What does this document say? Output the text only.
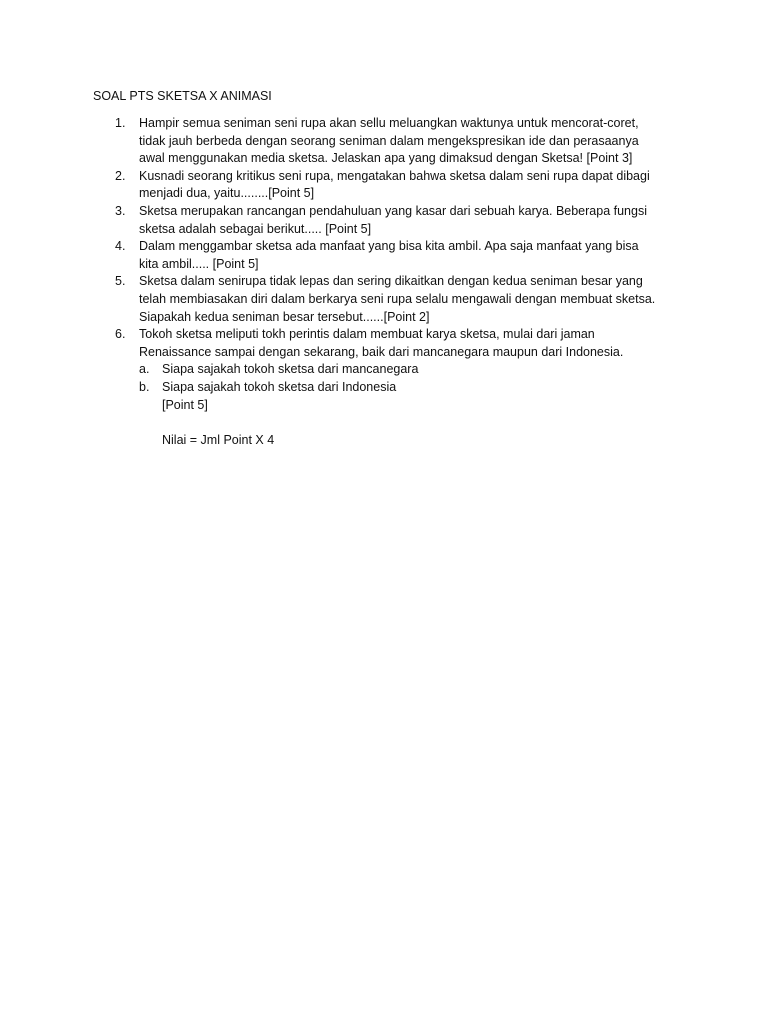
SOAL PTS SKETSA X ANIMASI
1. Hampir semua seniman seni rupa akan sellu meluangkan waktunya untuk mencorat-coret,
tidak jauh berbeda dengan seorang seniman dalam mengekspresikan ide dan perasaanya
awal menggunakan media sketsa. Jelaskan apa yang dimaksud dengan Sketsa! [Point 3]
2. Kusnadi seorang kritikus seni rupa, mengatakan bahwa sketsa dalam seni rupa dapat dibagi
menjadi dua, yaitu........[Point 5]
3. Sketsa merupakan rancangan pendahuluan yang kasar dari sebuah karya. Beberapa fungsi
sketsa adalah sebagai berikut..... [Point 5]
4. Dalam menggambar sketsa ada manfaat yang bisa kita ambil. Apa saja manfaat yang bisa
kita ambil..... [Point 5]
5. Sketsa dalam senirupa tidak lepas dan sering dikaitkan dengan kedua seniman besar yang
telah membiasakan diri dalam berkarya seni rupa selalu mengawali dengan membuat sketsa.
Siapakah kedua seniman besar tersebut......[Point 2]
6. Tokoh sketsa meliputi tokh perintis dalam membuat karya sketsa, mulai dari jaman
Renaissance sampai dengan sekarang, baik dari mancanegara maupun dari Indonesia.
a. Siapa sajakah tokoh sketsa dari mancanegara
b. Siapa sajakah tokoh sketsa dari Indonesia
[Point 5]
Nilai = Jml Point X 4
